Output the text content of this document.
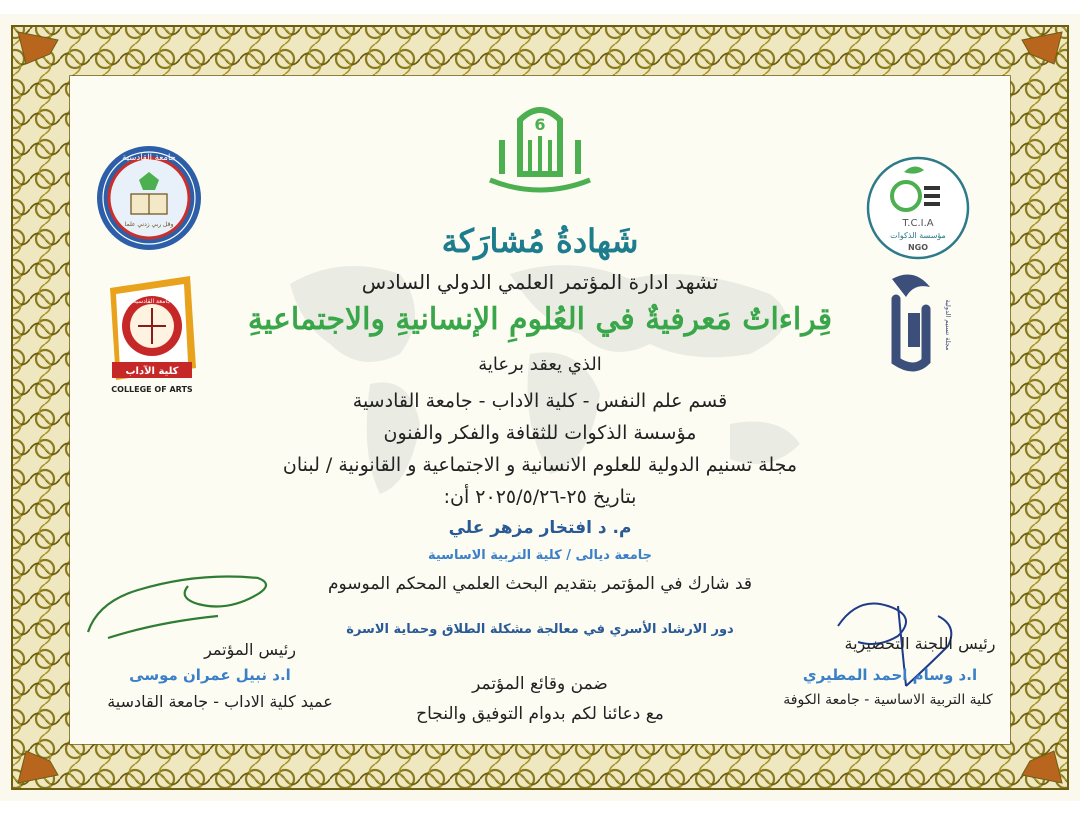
6
جامعة القادسية
وقل ربي زدني علما
جامعة القادسية
كلية الآداب
COLLEGE OF ARTS
T.C.I.A
مؤسسة الذكوات
NGO
مجلة تسنيم الدولية
شَهادةُ مُشارَكة
تشهد ادارة المؤتمر العلمي الدولي السادس
قِراءاتٌ مَعرفيةٌ في العُلومِ الإنسانيةِ والاجتماعيةِ
الذي يعقد برعاية
قسم علم النفس - كلية الاداب - جامعة القادسية
مؤسسة الذكوات للثقافة والفكر والفنون
مجلة تسنيم الدولية للعلوم الانسانية و الاجتماعية و القانونية / لبنان
بتاريخ ٢٥-٢٠٢٥/٥/٢٦ أن:
م. د افتخار مزهر علي
جامعة ديالى / كلية التربية الاساسية
قد شارك في المؤتمر بتقديم البحث العلمي المحكم الموسوم
دور الارشاد الأسري في معالجة مشكلة الطلاق وحماية الاسرة
ضمن وقائع المؤتمر
مع دعائنا لكم بدوام التوفيق والنجاح
رئيس المؤتمر
ا.د نبيل عمران موسى
عميد كلية الاداب - جامعة القادسية
رئيس اللجنة التحضيرية
ا.د وسام احمد المطيري
كلية التربية الاساسية - جامعة الكوفة
